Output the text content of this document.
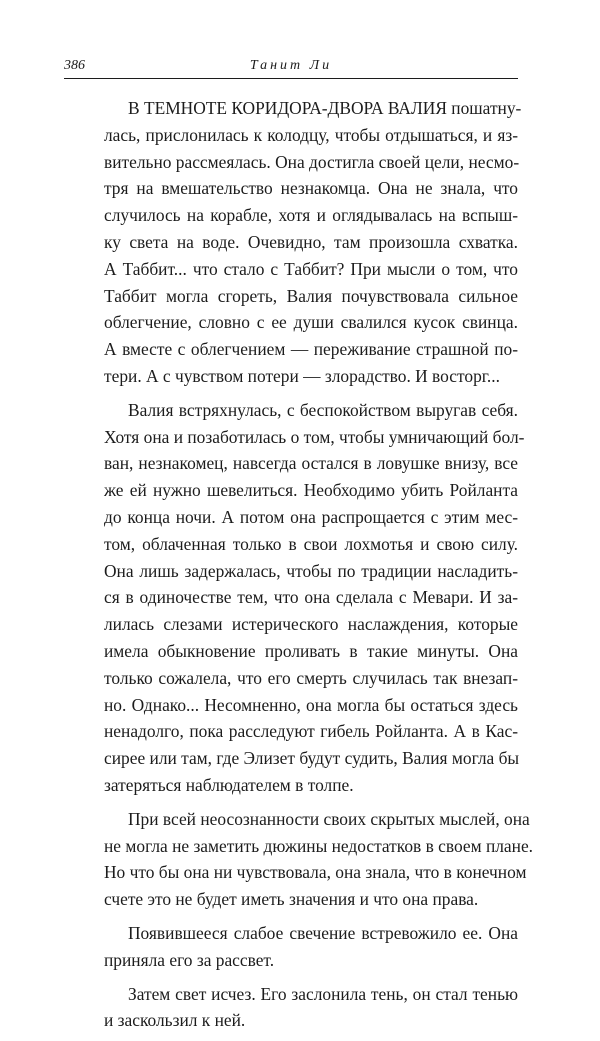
386	Танит Ли

В ТЕМНОТЕ КОРИДОРА-ДВОРА ВАЛИЯ пошатну-
лась, прислонилась к колодцу, чтобы отдышаться, и яз-
вительно рассмеялась. Она достигла своей цели, несмо-
тря на вмешательство незнакомца. Она не знала, что
случилось на корабле, хотя и оглядывалась на вспыш-
ку света на воде. Очевидно, там произошла схватка.
А Таббит... что стало с Таббит? При мысли о том, что
Таббит могла сгореть, Валия почувствовала сильное
облегчение, словно с ее души свалился кусок свинца.
А вместе с облегчением — переживание страшной по-
тери. А с чувством потери — злорадство. И восторг...

Валия встряхнулась, с беспокойством выругав себя.
Хотя она и позаботилась о том, чтобы умничающий бол-
ван, незнакомец, навсегда остался в ловушке внизу, все
же ей нужно шевелиться. Необходимо убить Ройланта
до конца ночи. А потом она распрощается с этим мес-
том, облаченная только в свои лохмотья и свою силу.
Она лишь задержалась, чтобы по традиции насладить-
ся в одиночестве тем, что она сделала с Мевари. И за-
лилась слезами истерического наслаждения, которые
имела обыкновение проливать в такие минуты. Она
только сожалела, что его смерть случилась так внезап-
но. Однако... Несомненно, она могла бы остаться здесь
ненадолго, пока расследуют гибель Ройланта. А в Кас-
сирее или там, где Элизет будут судить, Валия могла бы
затеряться наблюдателем в толпе.

При всей неосознанности своих скрытых мыслей, она
не могла не заметить дюжины недостатков в своем плане.
Но что бы она ни чувствовала, она знала, что в конечном
счете это не будет иметь значения и что она права.

Появившееся слабое свечение встревожило ее. Она
приняла его за рассвет.

Затем свет исчез. Его заслонила тень, он стал тенью
и заскользил к ней.
